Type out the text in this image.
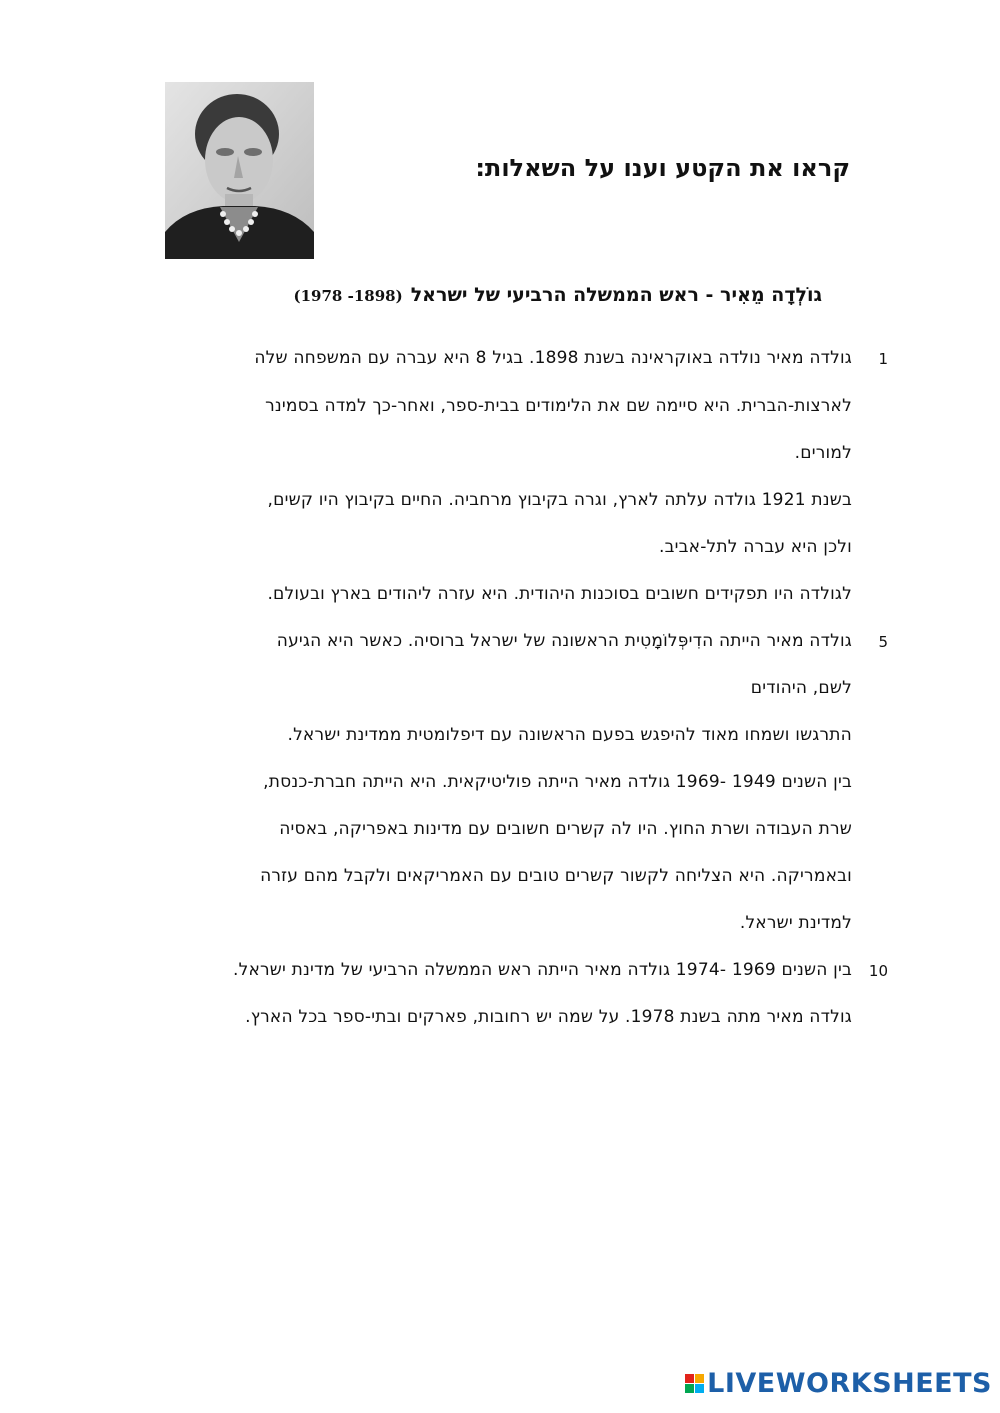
קראו את הקטע וענו על השאלות:
גוֹלְדָה מֵאִיר - ראש הממשלה הרביעי של ישראל(1898- 1978)
גולדה מאיר נולדה באוקראינה בשנת 1898. בגיל 8 היא עברה עם המשפחה שלה	1
לארצות-הברית. היא סיימה שם את הלימודים בבית-ספר, ואחר-כך למדה בסמינר
למורים.
בשנת 1921 גולדה עלתה לארץ, וגרה בקיבוץ מרחביה. החיים בקיבוץ היו קשים,
ולכן היא עברה לתל-אביב.
לגולדה היו תפקידים חשובים בסוכנות היהודית. היא עזרה ליהודים בארץ ובעולם.
גולדה מאיר הייתה הדִיפְּלוֹמָטִית הראשונה של ישראל ברוסיה. כאשר היא הגיעה	5
לשם, היהודים
התרגשו ושמחו מאוד להיפגש בפעם הראשונה עם דיפלומטית ממדינת ישראל.
בין השנים 1949 -1969 גולדה מאיר הייתה פוליטיקאית. היא הייתה חברת-כנסת,
שרת העבודה ושרת החוץ. היו לה קשרים חשובים עם מדינות באפריקה, באסיה
ובאמריקה. היא הצליחה לקשור קשרים טובים עם האמריקאים ולקבל מהם עזרה
למדינת ישראל.
בין השנים 1969 -1974 גולדה מאיר הייתה ראש הממשלה הרביעי של מדינת ישראל.	10
גולדה מאיר מתה בשנת 1978. על שמה יש רחובות, פארקים ובתי-ספר בכל הארץ.
LIVEWORKSHEETS
